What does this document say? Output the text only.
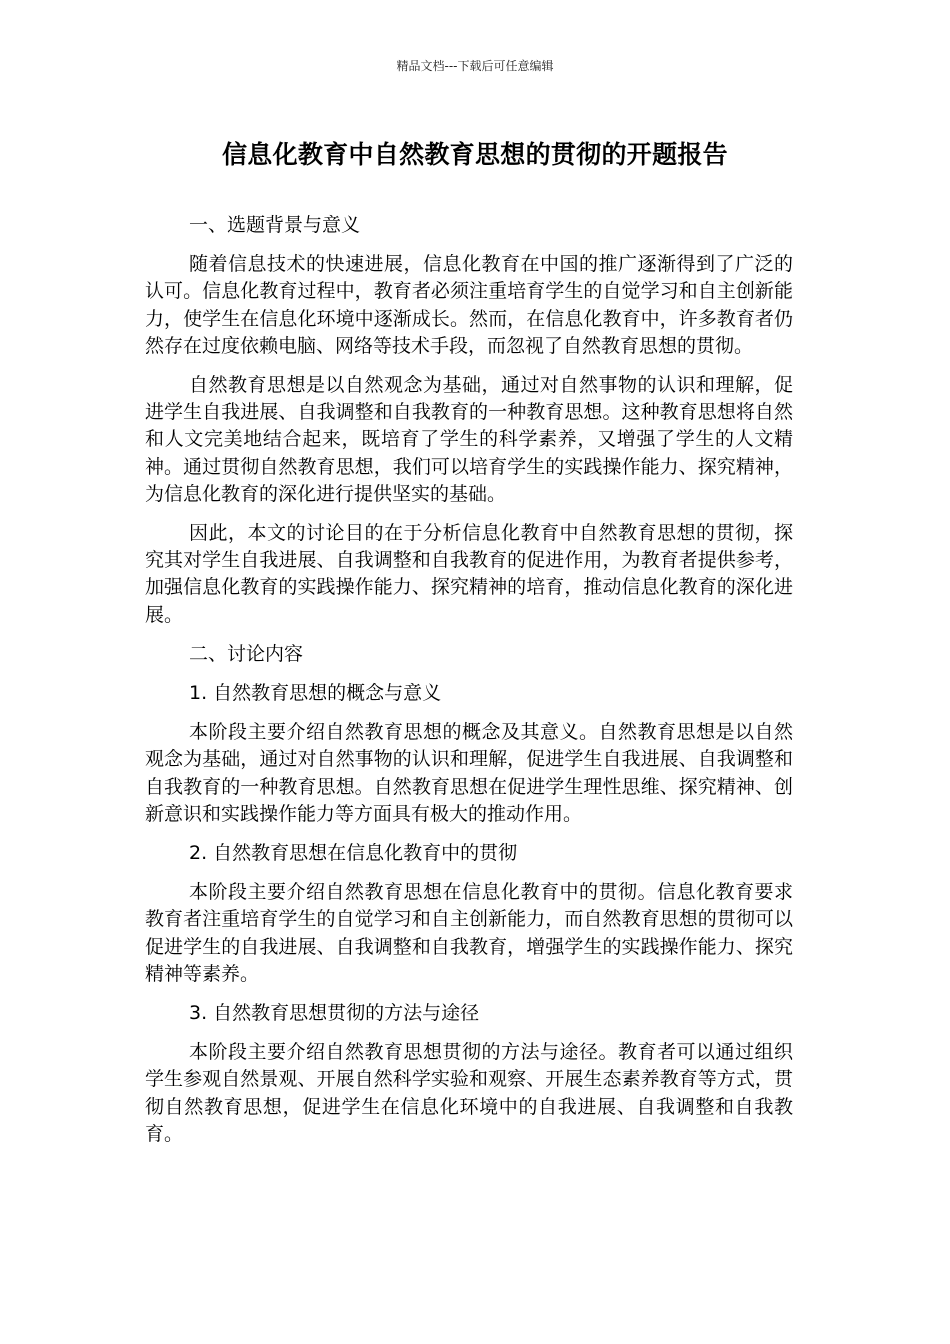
精品文档---下载后可任意编辑
信息化教育中自然教育思想的贯彻的开题报告

一、选题背景与意义

随着信息技术的快速进展，信息化教育在中国的推广逐渐得到了广泛的认可。信息化教育过程中，教育者必须注重培育学生的自觉学习和自主创新能力，使学生在信息化环境中逐渐成长。然而，在信息化教育中，许多教育者仍然存在过度依赖电脑、网络等技术手段，而忽视了自然教育思想的贯彻。

自然教育思想是以自然观念为基础，通过对自然事物的认识和理解，促进学生自我进展、自我调整和自我教育的一种教育思想。这种教育思想将自然和人文完美地结合起来，既培育了学生的科学素养，又增强了学生的人文精神。通过贯彻自然教育思想，我们可以培育学生的实践操作能力、探究精神，为信息化教育的深化进行提供坚实的基础。

因此，本文的讨论目的在于分析信息化教育中自然教育思想的贯彻，探究其对学生自我进展、自我调整和自我教育的促进作用，为教育者提供参考，加强信息化教育的实践操作能力、探究精神的培育，推动信息化教育的深化进展。

二、讨论内容

1. 自然教育思想的概念与意义

本阶段主要介绍自然教育思想的概念及其意义。自然教育思想是以自然观念为基础，通过对自然事物的认识和理解，促进学生自我进展、自我调整和自我教育的一种教育思想。自然教育思想在促进学生理性思维、探究精神、创新意识和实践操作能力等方面具有极大的推动作用。

2. 自然教育思想在信息化教育中的贯彻

本阶段主要介绍自然教育思想在信息化教育中的贯彻。信息化教育要求教育者注重培育学生的自觉学习和自主创新能力，而自然教育思想的贯彻可以促进学生的自我进展、自我调整和自我教育，增强学生的实践操作能力、探究精神等素养。

3. 自然教育思想贯彻的方法与途径

本阶段主要介绍自然教育思想贯彻的方法与途径。教育者可以通过组织学生参观自然景观、开展自然科学实验和观察、开展生态素养教育等方式，贯彻自然教育思想，促进学生在信息化环境中的自我进展、自我调整和自我教育。
